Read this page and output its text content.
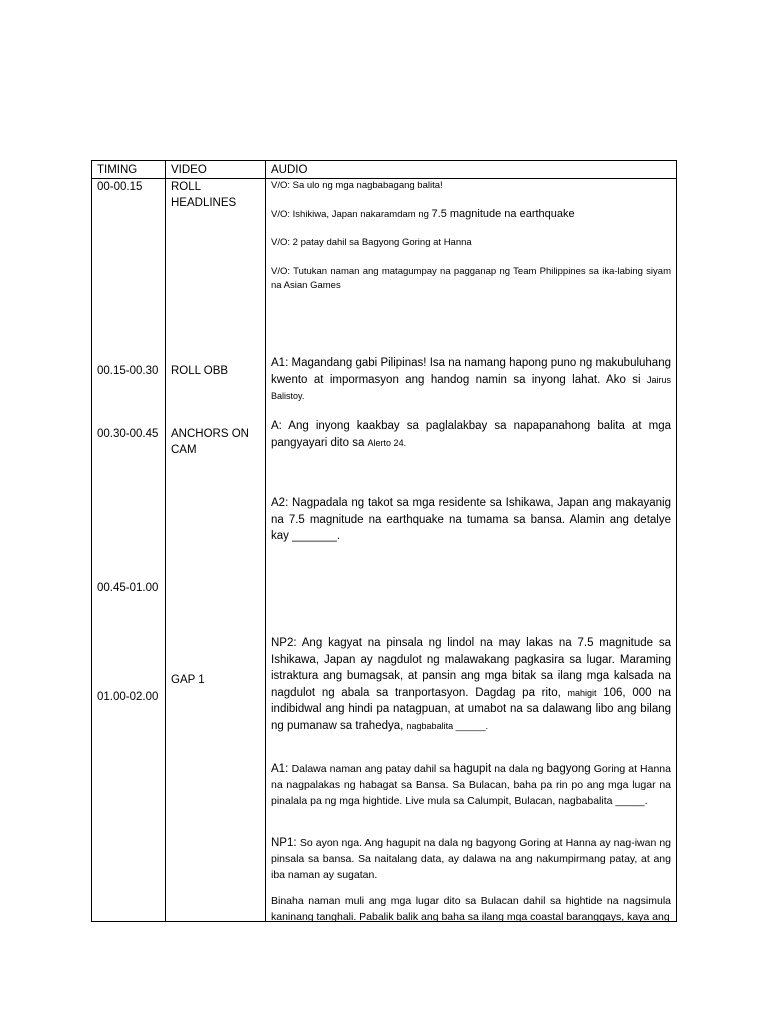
TIMING	VIDEO	AUDIO
00-00.15
00.15-00.30
00.30-00.45
00.45-01.00
01.00-02.00
ROLL HEADLINES
ROLL OBB
ANCHORS ON CAM
GAP 1
V/O: Sa ulo ng mga nagbabagang balita!
V/O: Ishikiwa, Japan nakaramdam ng 7.5 magnitude na earthquake
V/O: 2 patay dahil sa Bagyong Goring at Hanna
V/O: Tutukan naman ang matagumpay na pagganap ng Team Philippines sa ika-labing siyam na Asian Games
A1: Magandang gabi Pilipinas! Isa na namang hapong puno ng makubuluhang kwento at impormasyon ang handog namin sa inyong lahat. Ako si Jairus Balistoy.
A: Ang inyong kaakbay sa paglalakbay sa napapanahong balita at mga pangyayari dito sa Alerto 24.
A2: Nagpadala ng takot sa mga residente sa Ishikawa, Japan ang makayanig na 7.5 magnitude na earthquake na tumama sa bansa. Alamin ang detalye kay _______.
NP2: Ang kagyat na pinsala ng lindol na may lakas na 7.5 magnitude sa Ishikawa, Japan ay nagdulot ng malawakang pagkasira sa lugar. Maraming istraktura ang bumagsak, at pansin ang mga bitak sa ilang mga kalsada na nagdulot ng abala sa tranportasyon. Dagdag pa rito, mahigit 106, 000 na indibidwal ang hindi pa natagpuan, at umabot na sa dalawang libo ang bilang ng pumanaw sa trahedya, nagbabalita ______.
A1: Dalawa naman ang patay dahil sa hagupit na dala ng bagyong Goring at Hanna na nagpalakas ng habagat sa Bansa. Sa Bulacan, baha pa rin po ang mga lugar na pinalala pa ng mga hightide. Live mula sa Calumpit, Bulacan, nagbabalita _____.
NP1: So ayon nga. Ang hagupit na dala ng bagyong Goring at Hanna ay nag-iwan ng pinsala sa bansa. Sa naitalang data, ay dalawa na ang nakumpirmang patay, at ang iba naman ay sugatan.
Binaha naman muli ang mga lugar dito sa Bulacan dahil sa hightide na nagsimula kaninang tanghali. Pabalik balik ang baha sa ilang mga coastal baranggays, kaya ang
